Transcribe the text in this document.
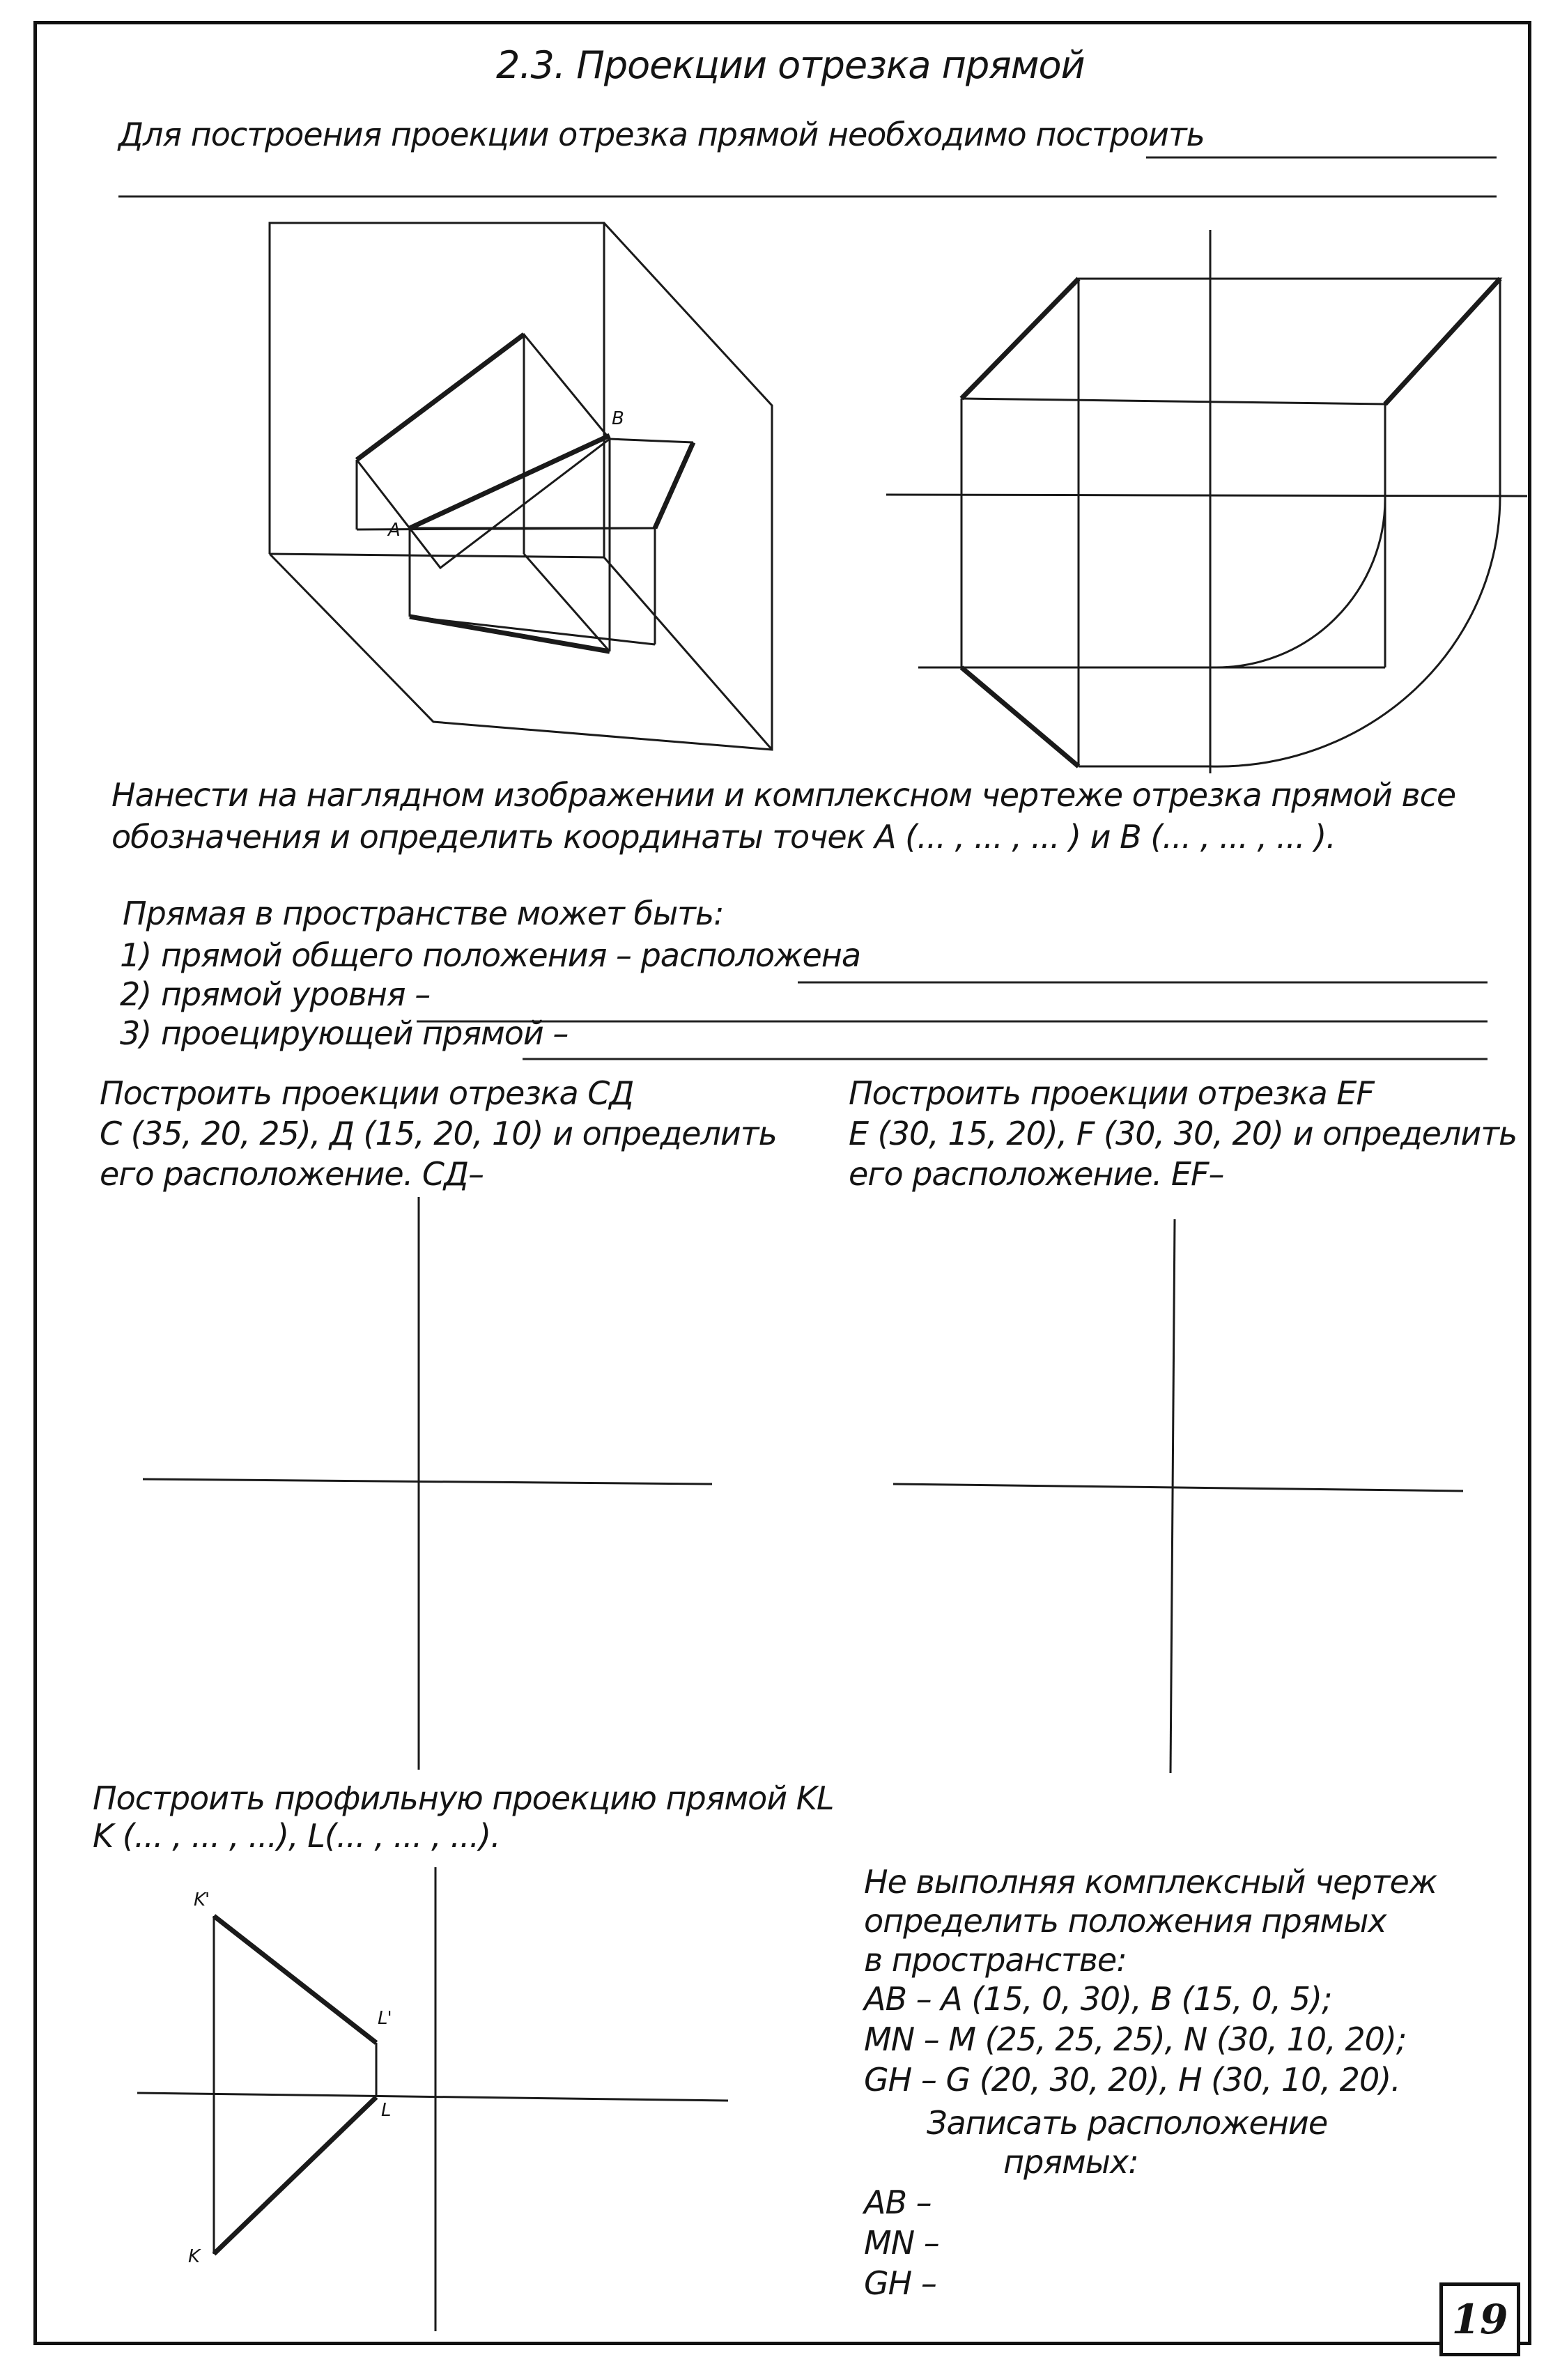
2.3. Проекции отрезка прямой
Для построения проекции отрезка прямой необходимо построить
B
A
Нанести на наглядном изображении и комплексном чертеже отрезка прямой все
обозначения и определить координаты точек A (... , ... , ... ) и B (... , ... , ... ).
Прямая в пространстве может быть:
1) прямой общего положения – расположена
2) прямой уровня –
3) проецирующей прямой –
Построить проекции отрезка СД
С (35, 20, 25), Д (15, 20, 10) и определить
его расположение. СД–
Построить проекции отрезка EF
E (30, 15, 20), F (30, 30, 20) и определить
его расположение. EF–
Построить профильную проекцию прямой KL
K (... , ... , ...), L(... , ... , ...).
K'
L'
L
K
Не выполняя комплексный чертеж
определить положения прямых
в пространстве:
АВ – А (15, 0, 30), В (15, 0, 5);
MN – M (25, 25, 25), N (30, 10, 20);
GH – G (20, 30, 20), H (30, 10, 20).
Записать расположение
прямых:
АВ –
MN –
GH –
19
